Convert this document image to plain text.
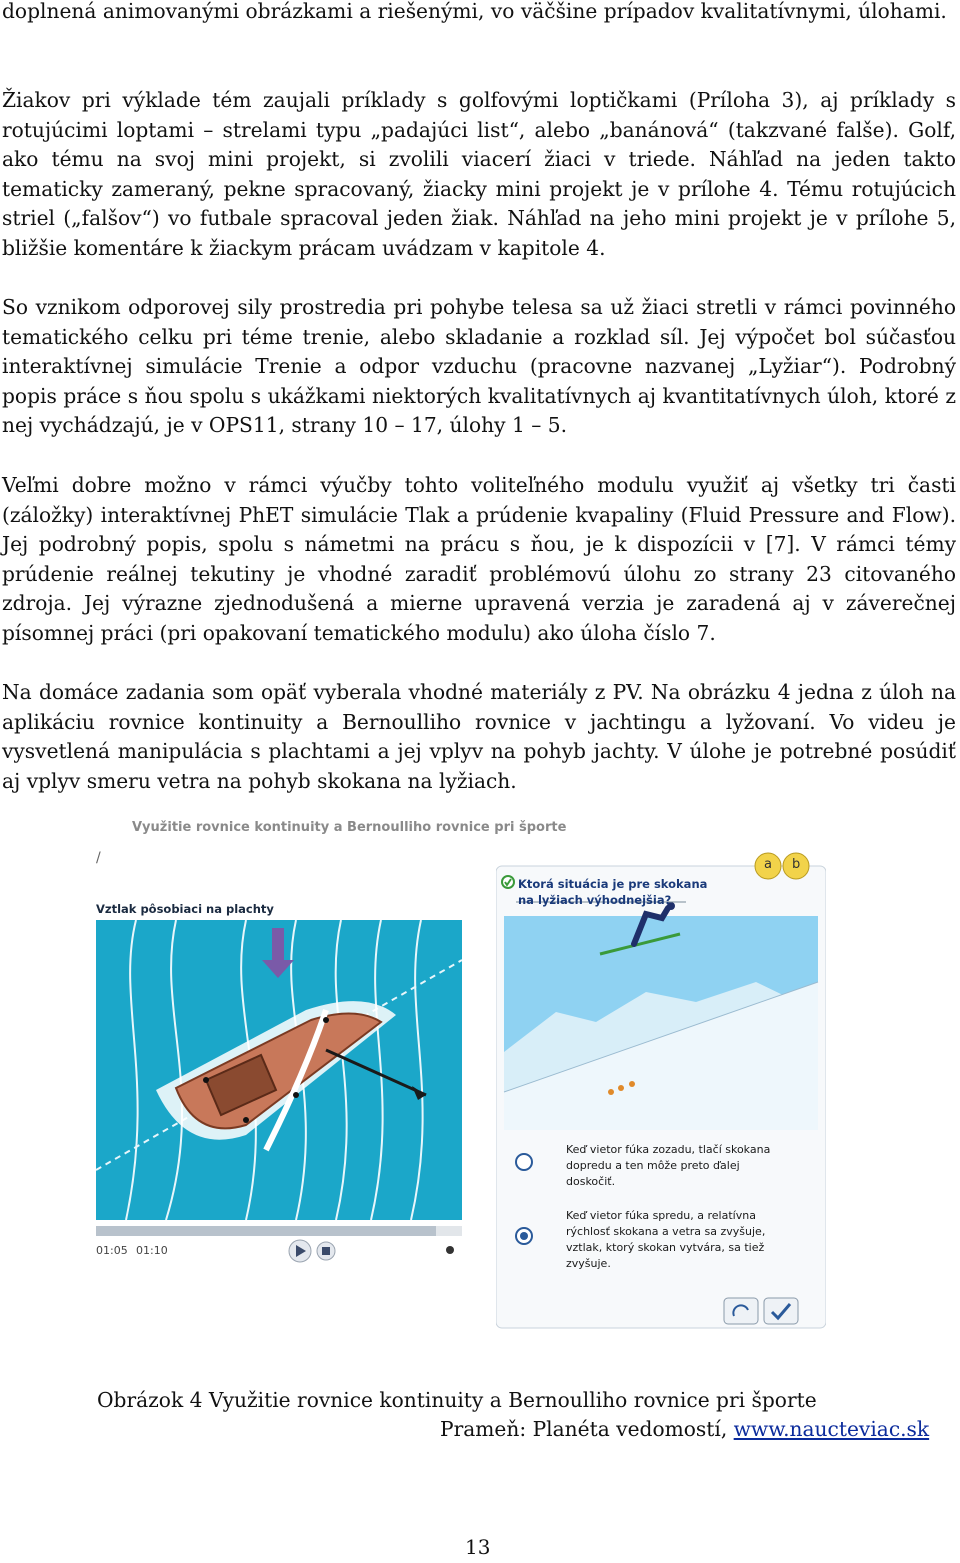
doplnená animovanými obrázkami a riešenými, vo väčšine prípadov kvalitatívnymi, úlohami.

Žiakov pri výklade tém zaujali príklady s golfovými loptičkami (Príloha 3), aj príklady s rotujúcimi loptami – strelami typu „padajúci list“, alebo „banánová“ (takzvané falše). Golf, ako tému na svoj mini projekt, si zvolili viacerí žiaci v triede. Náhľad na jeden takto tematicky zameraný, pekne spracovaný, žiacky mini projekt je v prílohe 4. Tému rotujúcich striel („falšov“) vo futbale spracoval jeden žiak. Náhľad na jeho mini projekt je v prílohe 5, bližšie komentáre k žiackym prácam uvádzam v kapitole 4.

So vznikom odporovej sily prostredia pri pohybe telesa sa už žiaci stretli v rámci povinného tematického celku pri téme trenie, alebo skladanie a rozklad síl. Jej výpočet bol súčasťou interaktívnej simulácie Trenie a odpor vzduchu (pracovne nazvanej „Lyžiar“). Podrobný popis práce s ňou spolu s ukážkami niektorých kvalitatívnych aj kvantitatívnych úloh, ktoré z nej vychádzajú, je v OPS11, strany 10 – 17, úlohy 1 – 5.

Veľmi dobre možno v rámci výučby tohto voliteľného modulu využiť aj všetky tri časti (záložky) interaktívnej PhET simulácie Tlak a prúdenie kvapaliny (Fluid Pressure and Flow). Jej podrobný popis, spolu s námetmi na prácu s ňou, je k dispozícii v [7]. V rámci témy prúdenie reálnej tekutiny je vhodné zaradiť problémovú úlohu zo strany 23 citovaného zdroja. Jej výrazne zjednodušená a mierne upravená verzia je zaradená aj v záverečnej písomnej práci (pri opakovaní tematického modulu) ako úloha číslo 7.

Na domáce zadania som opäť vyberala vhodné materiály z PV. Na obrázku 4 jedna z úloh na aplikáciu rovnice kontinuity a Bernoulliho rovnice v jachtingu a lyžovaní. Vo videu je vysvetlená manipulácia s plachtami a jej vplyv na pohyb jachty. V úlohe je potrebné posúdiť aj vplyv smeru vetra na pohyb skokana na lyžiach.

Využitie rovnice kontinuity a Bernoulliho rovnice pri športe
/
Vztlak pôsobiaci na plachty
01:05 01:10
a b
Ktorá situácia je pre skokana na lyžiach výhodnejšia?
Keď vietor fúka zozadu, tlačí skokana dopredu a ten môže preto ďalej doskočiť.
Keď vietor fúka spredu, a relatívna rýchlosť skokana a vetra sa zvyšuje, vztlak, ktorý skokan vytvára, sa tiež zvyšuje.
Obrázok 4 Využitie rovnice kontinuity a Bernoulliho rovnice pri športe
Prameň: Planéta vedomostí, www.naucteviac.sk
13
